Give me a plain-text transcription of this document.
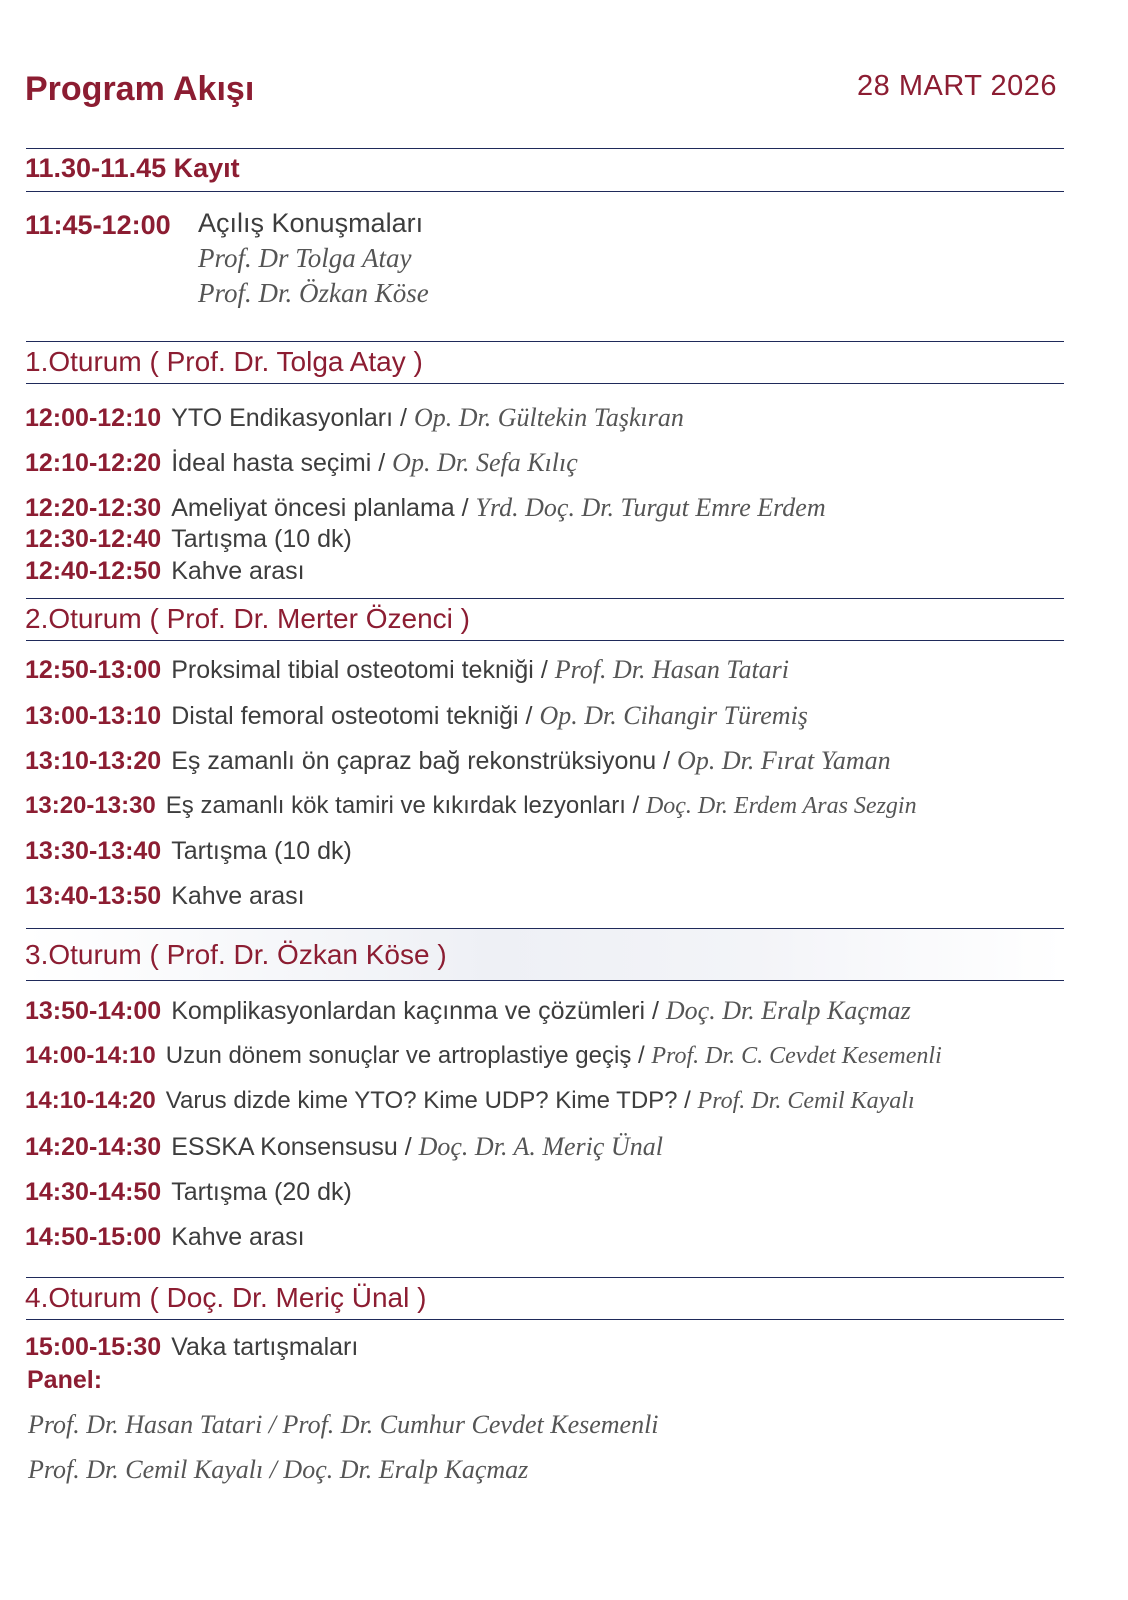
Program Akışı	28 MART 2026
11.30-11.45 Kayıt
11:45-12:00 Açılış Konuşmaları
Prof. Dr Tolga Atay
Prof. Dr. Özkan Köse
1.Oturum ( Prof. Dr. Tolga Atay )
12:00-12:10 YTO Endikasyonları / Op. Dr. Gültekin Taşkıran
12:10-12:20 İdeal hasta seçimi / Op. Dr. Sefa Kılıç
12:20-12:30 Ameliyat öncesi planlama / Yrd. Doç. Dr. Turgut Emre Erdem
12:30-12:40 Tartışma (10 dk)
12:40-12:50 Kahve arası
2.Oturum ( Prof. Dr. Merter Özenci )
12:50-13:00 Proksimal tibial osteotomi tekniği / Prof. Dr. Hasan Tatari
13:00-13:10 Distal femoral osteotomi tekniği / Op. Dr. Cihangir Türemiş
13:10-13:20 Eş zamanlı ön çapraz bağ rekonstrüksiyonu / Op. Dr. Fırat Yaman
13:20-13:30 Eş zamanlı kök tamiri ve kıkırdak lezyonları / Doç. Dr. Erdem Aras Sezgin
13:30-13:40 Tartışma (10 dk)
13:40-13:50 Kahve arası
3.Oturum ( Prof. Dr. Özkan Köse )
13:50-14:00 Komplikasyonlardan kaçınma ve çözümleri / Doç. Dr. Eralp Kaçmaz
14:00-14:10 Uzun dönem sonuçlar ve artroplastiye geçiş / Prof. Dr. C. Cevdet Kesemenli
14:10-14:20 Varus dizde kime YTO? Kime UDP? Kime TDP? / Prof. Dr. Cemil Kayalı
14:20-14:30 ESSKA Konsensusu / Doç. Dr. A. Meriç Ünal
14:30-14:50 Tartışma (20 dk)
14:50-15:00 Kahve arası
4.Oturum ( Doç. Dr. Meriç Ünal )
15:00-15:30 Vaka tartışmaları
Panel:
Prof. Dr. Hasan Tatari / Prof. Dr. Cumhur Cevdet Kesemenli
Prof. Dr. Cemil Kayalı / Doç. Dr. Eralp Kaçmaz
